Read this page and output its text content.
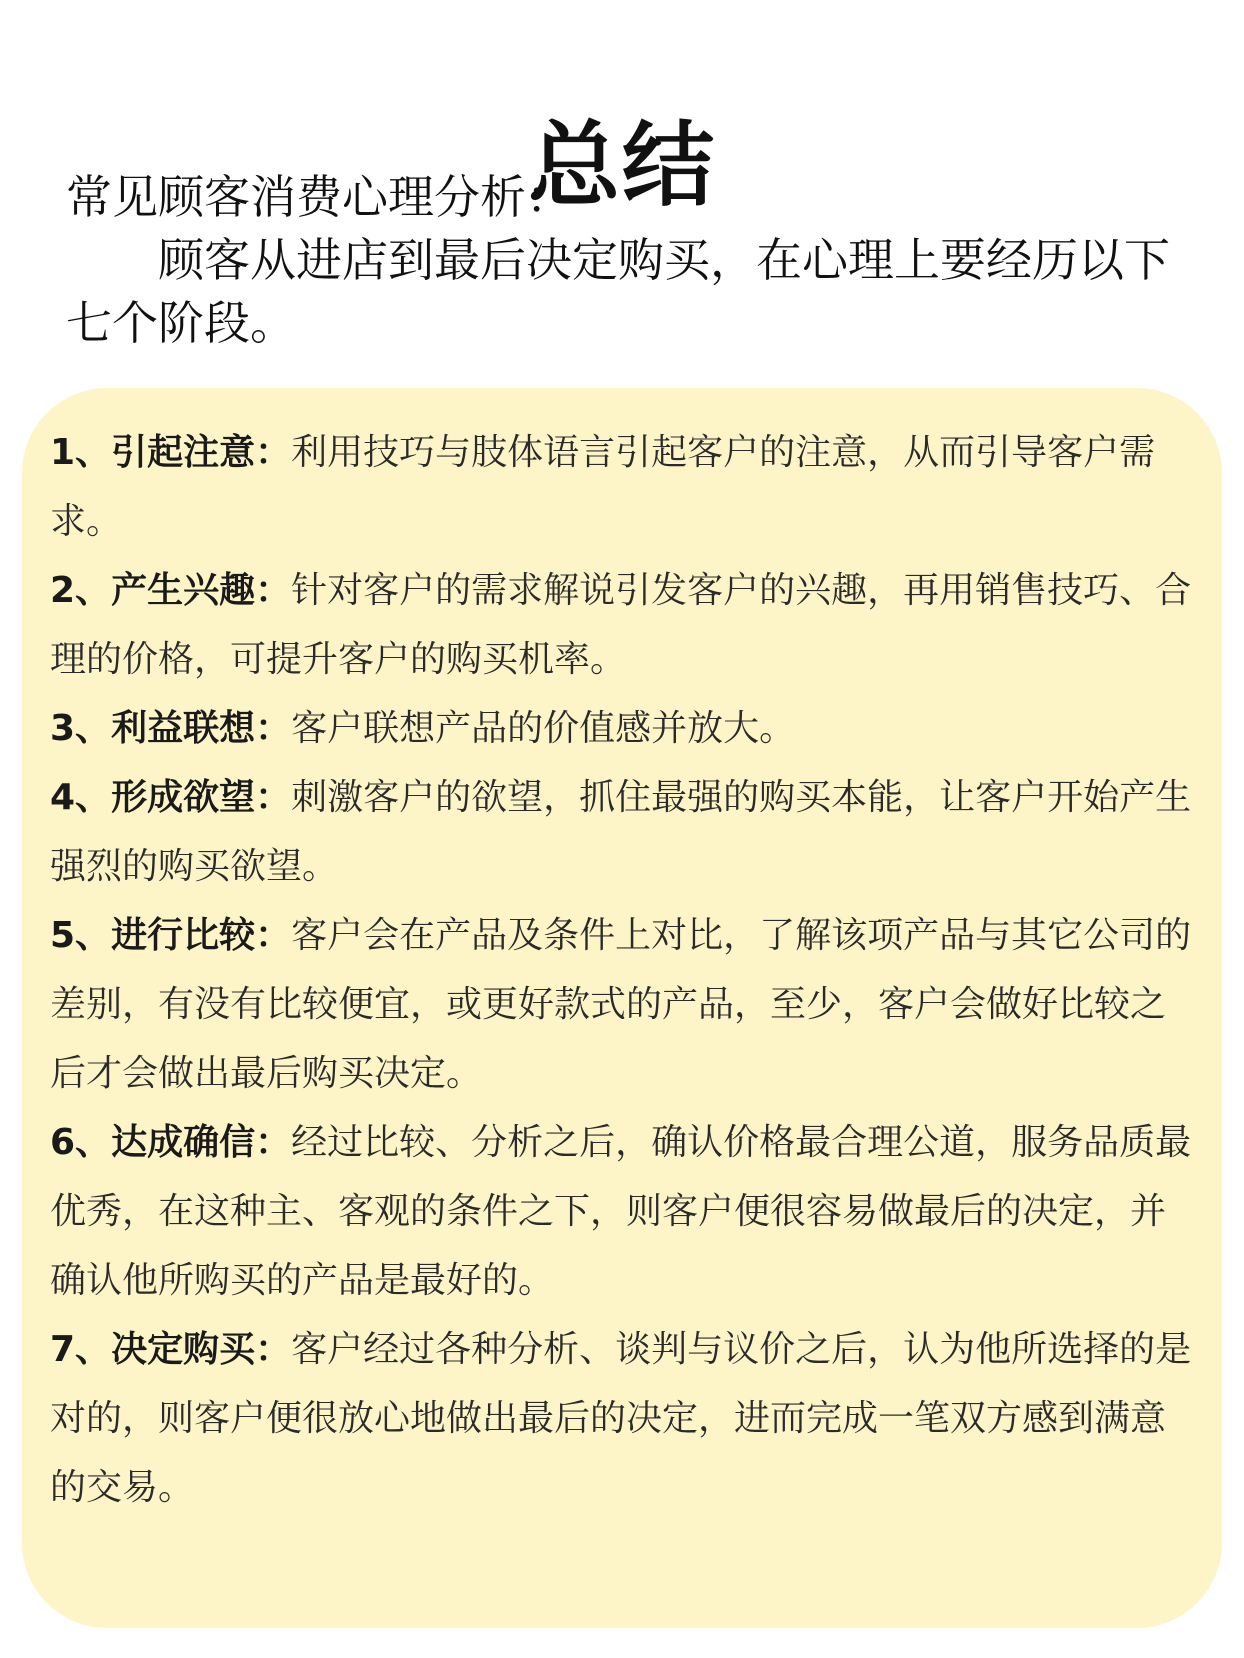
总结
常见顾客消费心理分析：
顾客从进店到最后决定购买，在心理上要经历以下七个阶段。
1、引起注意：利用技巧与肢体语言引起客户的注意，从而引导客户需求。
2、产生兴趣：针对客户的需求解说引发客户的兴趣，再用销售技巧、合理的价格，可提升客户的购买机率。
3、利益联想：客户联想产品的价值感并放大。
4、形成欲望：刺激客户的欲望，抓住最强的购买本能，让客户开始产生强烈的购买欲望。
5、进行比较：客户会在产品及条件上对比，了解该项产品与其它公司的差别，有没有比较便宜，或更好款式的产品，至少，客户会做好比较之后才会做出最后购买决定。
6、达成确信：经过比较、分析之后，确认价格最合理公道，服务品质最优秀，在这种主、客观的条件之下，则客户便很容易做最后的决定，并确认他所购买的产品是最好的。
7、决定购买：客户经过各种分析、谈判与议价之后，认为他所选择的是对的，则客户便很放心地做出最后的决定，进而完成一笔双方感到满意的交易。
